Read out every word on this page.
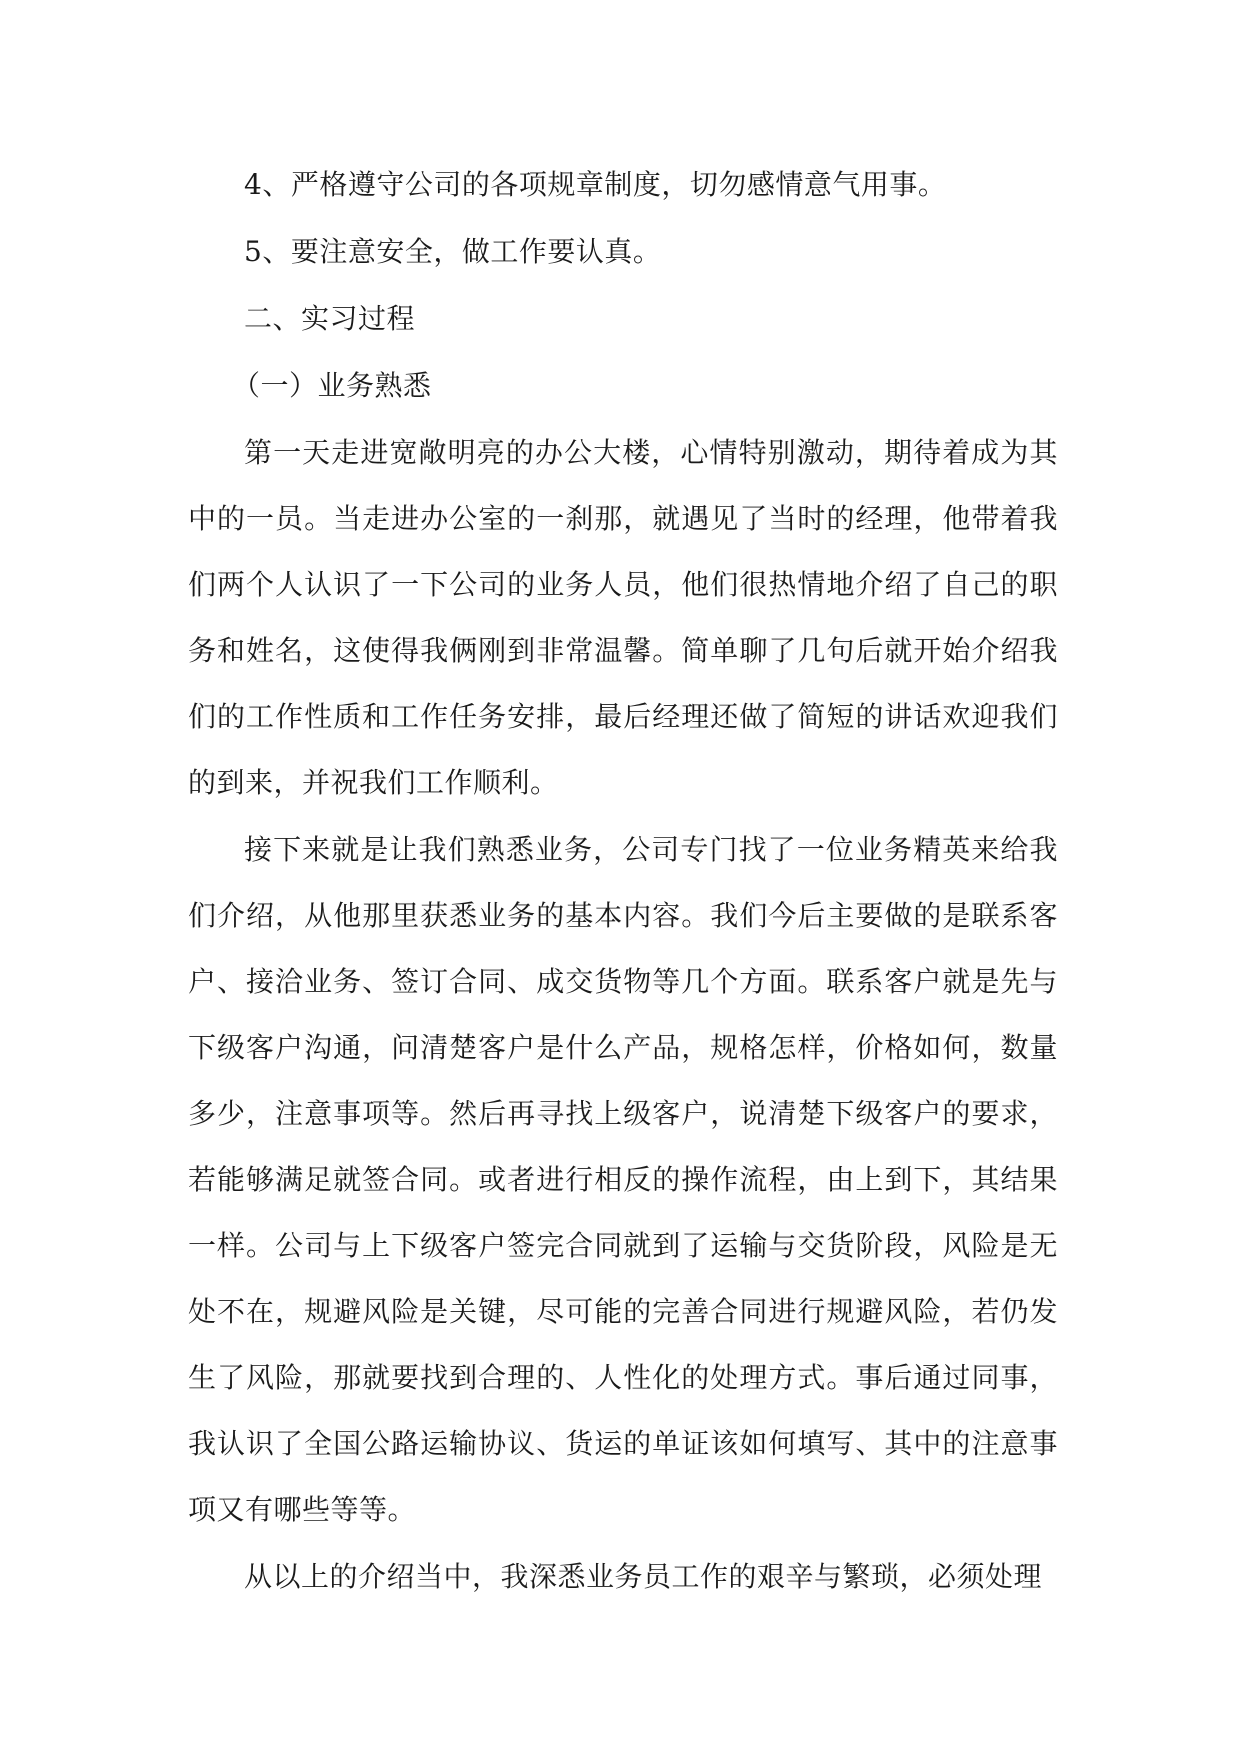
4、严格遵守公司的各项规章制度，切勿感情意气用事。

5、要注意安全，做工作要认真。

二、实习过程

（一）业务熟悉

第一天走进宽敞明亮的办公大楼，心情特别激动，期待着成为其中的一员。当走进办公室的一刹那，就遇见了当时的经理，他带着我们两个人认识了一下公司的业务人员，他们很热情地介绍了自己的职务和姓名，这使得我俩刚到非常温馨。简单聊了几句后就开始介绍我们的工作性质和工作任务安排，最后经理还做了简短的讲话欢迎我们的到来，并祝我们工作顺利。

接下来就是让我们熟悉业务，公司专门找了一位业务精英来给我们介绍，从他那里获悉业务的基本内容。我们今后主要做的是联系客户、接洽业务、签订合同、成交货物等几个方面。联系客户就是先与下级客户沟通，问清楚客户是什么产品，规格怎样，价格如何，数量多少，注意事项等。然后再寻找上级客户，说清楚下级客户的要求，若能够满足就签合同。或者进行相反的操作流程，由上到下，其结果一样。公司与上下级客户签完合同就到了运输与交货阶段，风险是无处不在，规避风险是关键，尽可能的完善合同进行规避风险，若仍发生了风险，那就要找到合理的、人性化的处理方式。事后通过同事，我认识了全国公路运输协议、货运的单证该如何填写、其中的注意事项又有哪些等等。

从以上的介绍当中，我深悉业务员工作的艰辛与繁琐，必须处理
